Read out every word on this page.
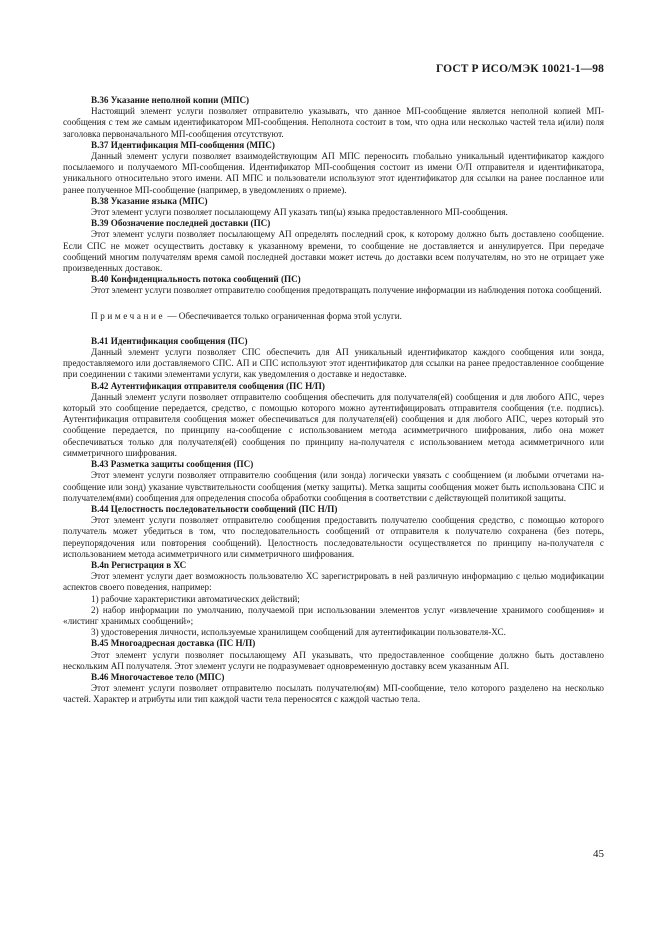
ГОСТ Р ИСО/МЭК 10021-1—98

B.36 Указание неполной копии (МПС)

Настоящий элемент услуги позволяет отправителю указывать, что данное МП-сообщение является неполной копией МП-сообщения с тем же самым идентификатором МП-сообщения. Неполнота состоит в том, что одна или несколько частей тела и(или) поля заголовка первоначального МП-сообщения отсутствуют.

B.37 Идентификация МП-сообщения (МПС)

Данный элемент услуги позволяет взаимодействующим АП МПС переносить глобально уникальный идентификатор каждого посылаемого и получаемого МП-сообщения. Идентификатор МП-сообщения состоит из имени О/П отправителя и идентификатора, уникального относительно этого имени. АП МПС и пользователи используют этот идентификатор для ссылки на ранее посланное или ранее полученное МП-сообщение (например, в уведомлениях о приеме).

B.38 Указание языка (МПС)

Этот элемент услуги позволяет посылающему АП указать тип(ы) языка предоставленного МП-сообщения.

B.39 Обозначение последней доставки (ПС)

Этот элемент услуги позволяет посылающему АП определять последний срок, к которому должно быть доставлено сообщение. Если СПС не может осуществить доставку к указанному времени, то сообщение не доставляется и аннулируется. При передаче сообщений многим получателям время самой последней доставки может истечь до доставки всем получателям, но это не отрицает уже произведенных доставок.

B.40 Конфиденциальность потока сообщений (ПС)

Этот элемент услуги позволяет отправителю сообщения предотвращать получение информации из наблюдения потока сообщений.

Примечание — Обеспечивается только ограниченная форма этой услуги.

B.41 Идентификация сообщения (ПС)

Данный элемент услуги позволяет СПС обеспечить для АП уникальный идентификатор каждого сообщения или зонда, предоставляемого или доставляемого СПС. АП и СПС используют этот идентификатор для ссылки на ранее предоставленное сообщение при соединении с такими элементами услуги, как уведомления о доставке и недоставке.

B.42 Аутентификация отправителя сообщения (ПС Н/П)

Данный элемент услуги позволяет отправителю сообщения обеспечить для получателя(ей) сообщения и для любого АПС, через который это сообщение передается, средство, с помощью которого можно аутентифицировать отправителя сообщения (т.е. подпись). Аутентификация отправителя сообщения может обеспечиваться для получателя(ей) сообщения и для любого АПС, через который это сообщение передается, по принципу на-сообщение с использованием метода асимметричного шифрования, либо она может обеспечиваться только для получателя(ей) сообщения по принципу на-получателя с использованием метода асимметричного или симметричного шифрования.

B.43 Разметка защиты сообщения (ПС)

Этот элемент услуги позволяет отправителю сообщения (или зонда) логически увязать с сообщением (и любыми отчетами на-сообщение или зонд) указание чувствительности сообщения (метку защиты). Метка защиты сообщения может быть использована СПС и получателем(ями) сообщения для определения способа обработки сообщения в соответствии с действующей политикой защиты.

B.44 Целостность последовательности сообщений (ПС Н/П)

Этот элемент услуги позволяет отправителю сообщения предоставить получателю сообщения средство, с помощью которого получатель может убедиться в том, что последовательность сообщений от отправителя к получателю сохранена (без потерь, переупорядочения или повторения сообщений). Целостность последовательности осуществляется по принципу на-получателя с использованием метода асимметричного или симметричного шифрования.

B.4n Регистрация в ХС

Этот элемент услуги дает возможность пользователю ХС зарегистрировать в ней различную информацию с целью модификации аспектов своего поведения, например:

1) рабочие характеристики автоматических действий;

2) набор информации по умолчанию, получаемой при использовании элементов услуг «извлечение хранимого сообщения» и «листинг хранимых сообщений»;

3) удостоверения личности, используемые хранилищем сообщений для аутентификации пользователя-ХС.

B.45 Многоадресная доставка (ПС Н/П)

Этот элемент услуги позволяет посылающему АП указывать, что предоставленное сообщение должно быть доставлено нескольким АП получателя. Этот элемент услуги не подразумевает одновременную доставку всем указанным АП.

B.46 Многочастевое тело (МПС)

Этот элемент услуги позволяет отправителю посылать получателю(ям) МП-сообщение, тело которого разделено на несколько частей. Характер и атрибуты или тип каждой части тела переносятся с каждой частью тела.

45
